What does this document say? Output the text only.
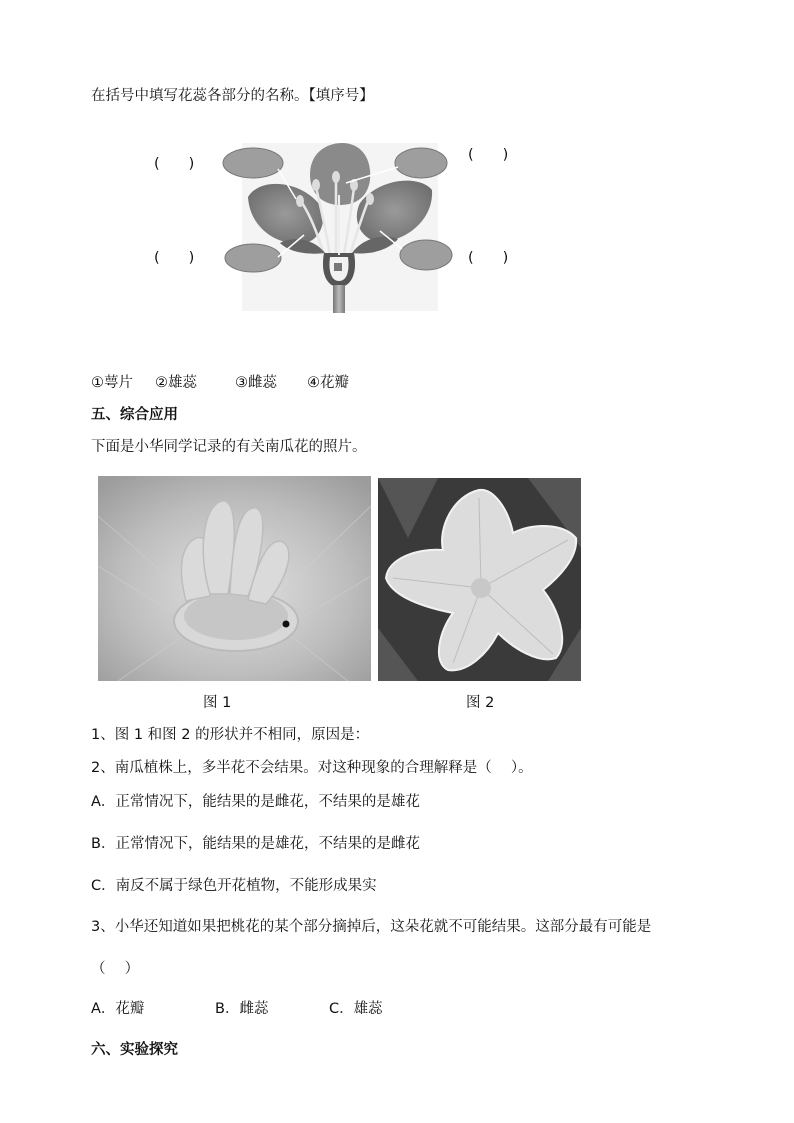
在括号中填写花蕊各部分的名称。【填序号】
(　　)
(　　)
(　　)	(　　)
①萼片 ②雄蕊	③雌蕊 ④花瓣
五、综合应用
下面是小华同学记录的有关南瓜花的照片。
图 1	图 2
1、图 1 和图 2 的形状并不相同，原因是：
2、南瓜植株上，多半花不会结果。对这种现象的合理解释是（　 ）。
A．正常情况下，能结果的是雌花，不结果的是雄花
B．正常情况下，能结果的是雄花，不结果的是雌花
C．南反不属于绿色开花植物，不能形成果实
3、小华还知道如果把桃花的某个部分摘掉后，这朵花就不可能结果。这部分最有可能是
（　 ）
A．花瓣	B．雌蕊	C．雄蕊
六、实验探究
